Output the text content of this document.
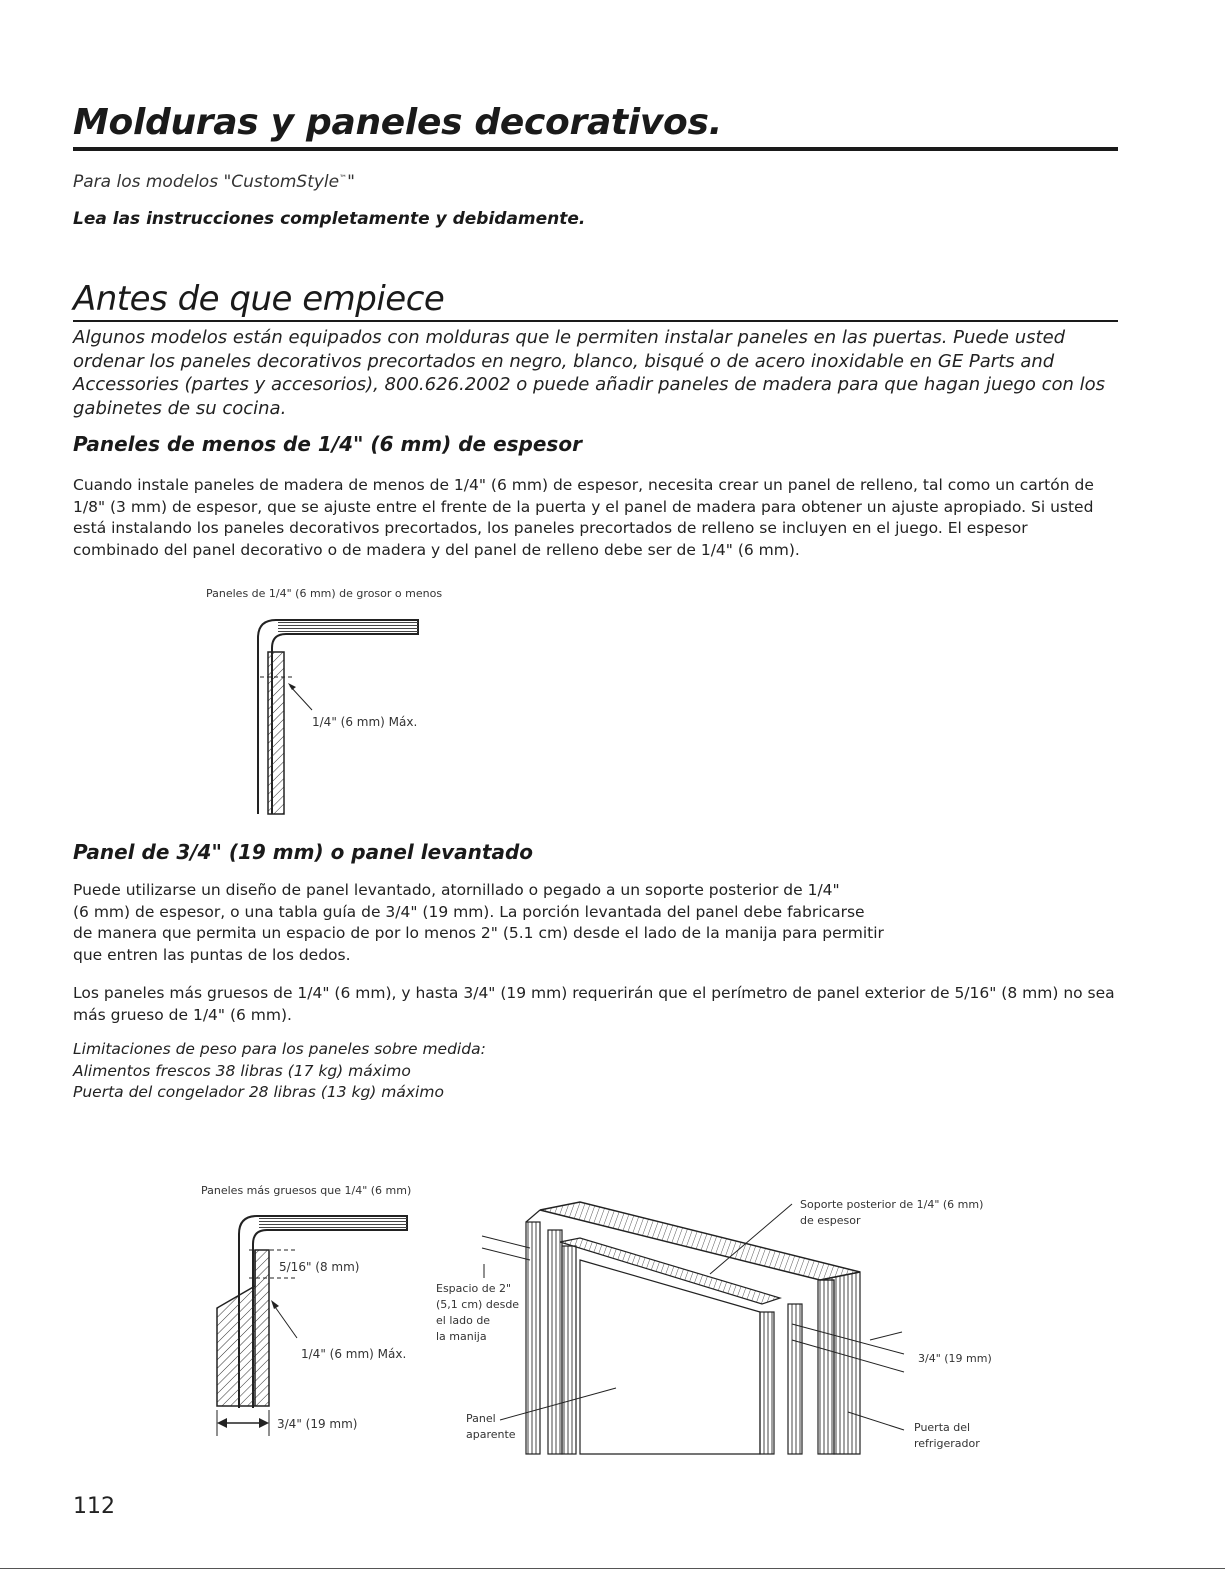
Molduras y paneles decorativos.

Para los modelos "CustomStyle™"

Lea las instrucciones completamente y debidamente.

Antes de que empiece

Algunos modelos están equipados con molduras que le permiten instalar paneles en las puertas. Puede usted ordenar los paneles decorativos precortados en negro, blanco, bisqué o de acero inoxidable en GE Parts and Accessories (partes y accesorios), 800.626.2002 o puede añadir paneles de madera para que hagan juego con los gabinetes de su cocina.

Paneles de menos de 1/4" (6 mm) de espesor

Cuando instale paneles de madera de menos de 1/4" (6 mm) de espesor, necesita crear un panel de relleno, tal como un cartón de 1/8" (3 mm) de espesor, que se ajuste entre el frente de la puerta y el panel de madera para obtener un ajuste apropiado. Si usted está instalando los paneles decorativos precortados, los paneles precortados de relleno se incluyen en el juego. El espesor combinado del panel decorativo o de madera y del panel de relleno debe ser de 1/4" (6 mm).

Paneles de 1/4" (6 mm) de grosor o menos
1/4" (6 mm) Máx.
Panel de 3/4" (19 mm) o panel levantado
Puede utilizarse un diseño de panel levantado, atornillado o pegado a un soporte posterior de 1/4"
(6 mm) de espesor, o una tabla guía de 3/4" (19 mm). La porción levantada del panel debe fabricarse
de manera que permita un espacio de por lo menos 2" (5.1 cm) desde el lado de la manija para permitir
que entren las puntas de los dedos.

Los paneles más gruesos de 1/4" (6 mm), y hasta 3/4" (19 mm) requerirán que el perímetro de panel exterior de 5/16" (8 mm) no sea más grueso de 1/4" (6 mm).

Limitaciones de peso para los paneles sobre medida:
Alimentos frescos 38 libras (17 kg) máximo
Puerta del congelador 28 libras (13 kg) máximo
Paneles más gruesos que 1/4" (6 mm)
5/16" (8 mm)
1/4" (6 mm) Máx.
3/4" (19 mm)
Soporte posterior de 1/4" (6 mm)
de espesor
Espacio de 2"
(5,1 cm) desde
el lado de
la manija
Panel
aparente
3/4" (19 mm)
Puerta del
refrigerador
112
